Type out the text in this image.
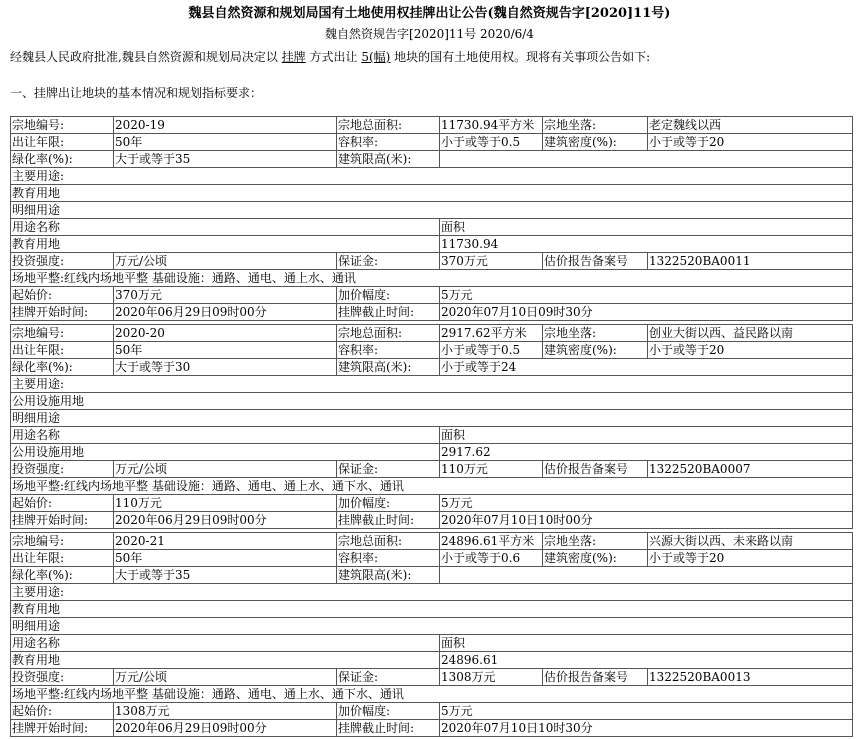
魏县自然资源和规划局国有土地使用权挂牌出让公告(魏自然资规告字[2020]11号)
魏自然资规告字[2020]11号 2020/6/4
经魏县人民政府批准,魏县自然资源和规划局决定以 挂牌 方式出让 5(幅) 地块的国有土地使用权。现将有关事项公告如下:
一、挂牌出让地块的基本情况和规划指标要求：
宗地编号:	2020-19	宗地总面积:	11730.94平方米	宗地坐落:	老定魏线以西
出让年限:	50年	容积率:	小于或等于0.5	建筑密度(%):	小于或等于20
绿化率(%):	大于或等于35	建筑限高(米):			
主要用途:					
教育用地					
明细用途					
用途名称			面积		
教育用地			11730.94		
投资强度:	万元/公顷	保证金:	370万元	估价报告备案号	1322520BA0011
场地平整:红线内场地平整 基础设施：通路、通电、通上水、通讯					
起始价:	370万元	加价幅度:	5万元		
挂牌开始时间:	2020年06月29日09时00分	挂牌截止时间:	2020年07月10日09时30分		
宗地编号:	2020-20	宗地总面积:	2917.62平方米	宗地坐落:	创业大街以西、益民路以南
出让年限:	50年	容积率:	小于或等于0.5	建筑密度(%):	小于或等于20
绿化率(%):	大于或等于30	建筑限高(米):	小于或等于24		
主要用途:					
公用设施用地					
明细用途					
用途名称			面积		
公用设施用地			2917.62		
投资强度:	万元/公顷	保证金:	110万元	估价报告备案号	1322520BA0007
场地平整:红线内场地平整 基础设施：通路、通电、通上水、通下水、通讯					
起始价:	110万元	加价幅度:	5万元		
挂牌开始时间:	2020年06月29日09时00分	挂牌截止时间:	2020年07月10日10时00分		
宗地编号:	2020-21	宗地总面积:	24896.61平方米	宗地坐落:	兴源大街以西、未来路以南
出让年限:	50年	容积率:	小于或等于0.6	建筑密度(%):	小于或等于20
绿化率(%):	大于或等于35	建筑限高(米):			
主要用途:					
教育用地					
明细用途					
用途名称			面积		
教育用地			24896.61		
投资强度:	万元/公顷	保证金:	1308万元	估价报告备案号	1322520BA0013
场地平整:红线内场地平整 基础设施：通路、通电、通上水、通下水、通讯					
起始价:	1308万元	加价幅度:	5万元		
挂牌开始时间:	2020年06月29日09时00分	挂牌截止时间:	2020年07月10日10时30分		
